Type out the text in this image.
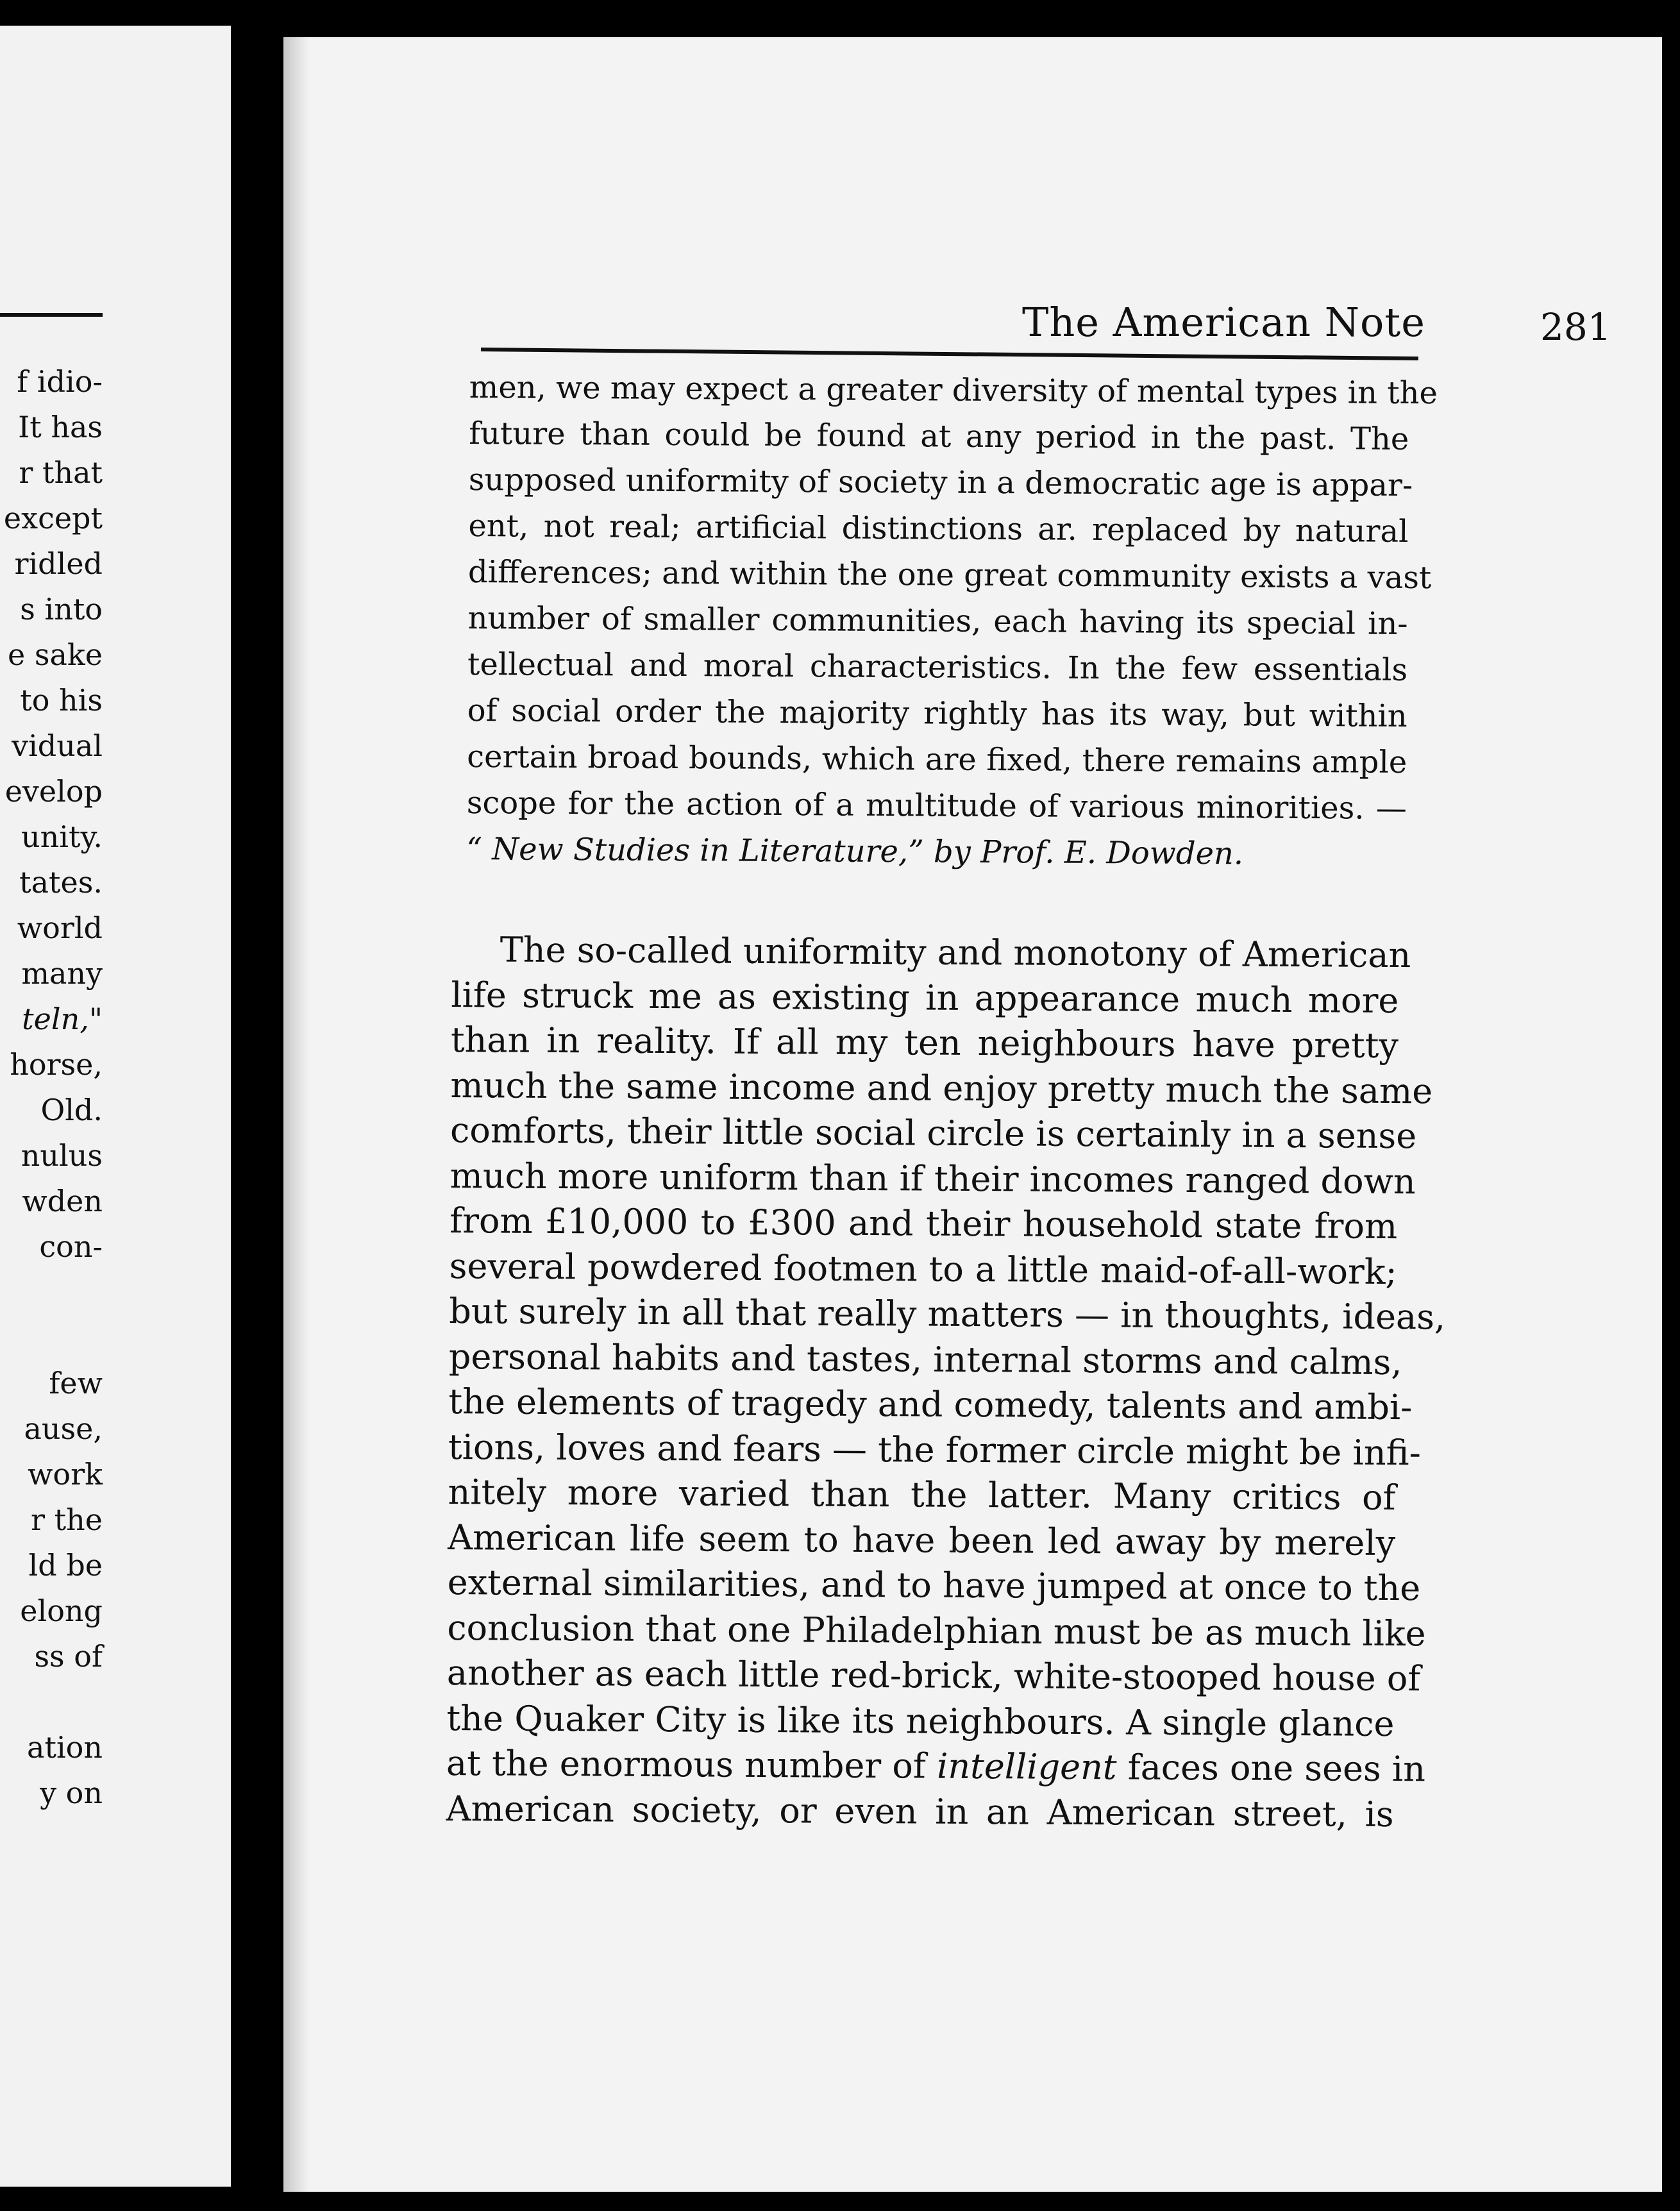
f idio-
It has
r that
except
ridled
s into
e sake
to his
vidual
evelop
unity.
tates.
world
many
teln,"
horse,
Old.
nulus
wden
con-
few
ause,
work
r the
ld be
elong
ss of
ation
y on
The American Note	281
men, we may expect a greater diversity of mental types in the
future than could be found at any period in the past. The
supposed uniformity of society in a democratic age is appar-
ent, not real; artificial distinctions ar. replaced by natural
differences; and within the one great community exists a vast
number of smaller communities, each having its special in-
tellectual and moral characteristics. In the few essentials
of social order the majority rightly has its way, but within
certain broad bounds, which are fixed, there remains ample
scope for the action of a multitude of various minorities. —
“ New Studies in Literature,” by Prof. E. Dowden.
The so-called uniformity and monotony of American
life struck me as existing in appearance much more
than in reality. If all my ten neighbours have pretty
much the same income and enjoy pretty much the same
comforts, their little social circle is certainly in a sense
much more uniform than if their incomes ranged down
from £10,000 to £300 and their household state from
several powdered footmen to a little maid-of-all-work;
but surely in all that really matters — in thoughts, ideas,
personal habits and tastes, internal storms and calms,
the elements of tragedy and comedy, talents and ambi-
tions, loves and fears — the former circle might be infi-
nitely more varied than the latter. Many critics of
American life seem to have been led away by merely
external similarities, and to have jumped at once to the
conclusion that one Philadelphian must be as much like
another as each little red-brick, white-stooped house of
the Quaker City is like its neighbours. A single glance
at the enormous number of intelligent faces one sees in
American society, or even in an American street, is
